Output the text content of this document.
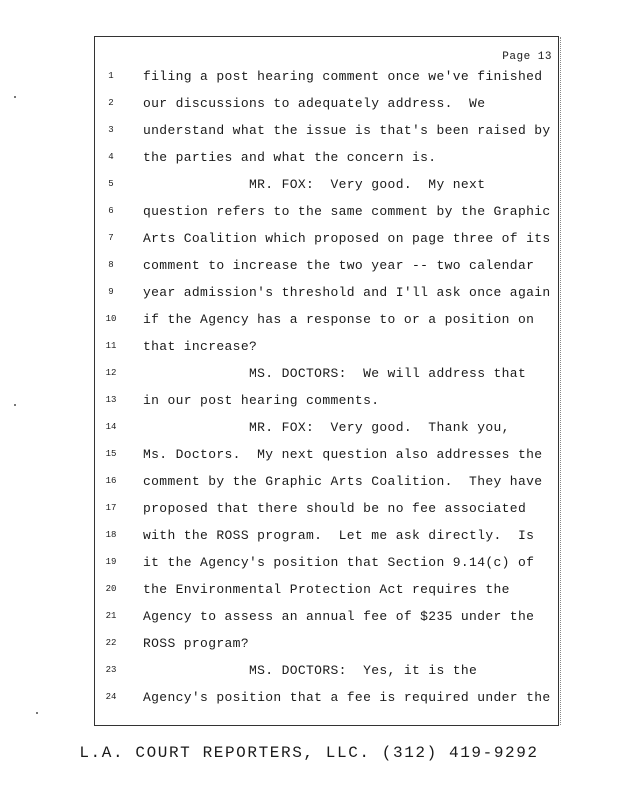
Page 13
1	filing a post hearing comment once we've finished
2	our discussions to adequately address.  We
3	understand what the issue is that's been raised by
4	the parties and what the concern is.
5	MR. FOX:  Very good.  My next
6	question refers to the same comment by the Graphic
7	Arts Coalition which proposed on page three of its
8	comment to increase the two year -- two calendar
9	year admission's threshold and I'll ask once again
10 if the Agency has a response to or a position on
11 that increase?
12 MS. DOCTORS:  We will address that
13 in our post hearing comments.
14 MR. FOX:  Very good.  Thank you,
15 Ms. Doctors.  My next question also addresses the
16 comment by the Graphic Arts Coalition.  They have
17 proposed that there should be no fee associated
18 with the ROSS program.  Let me ask directly.  Is
19 it the Agency's position that Section 9.14(c) of
20 the Environmental Protection Act requires the
21 Agency to assess an annual fee of $235 under the
22 ROSS program?
23 MS. DOCTORS:  Yes, it is the
24 Agency's position that a fee is required under the
L.A. COURT REPORTERS, LLC. (312) 419-9292
